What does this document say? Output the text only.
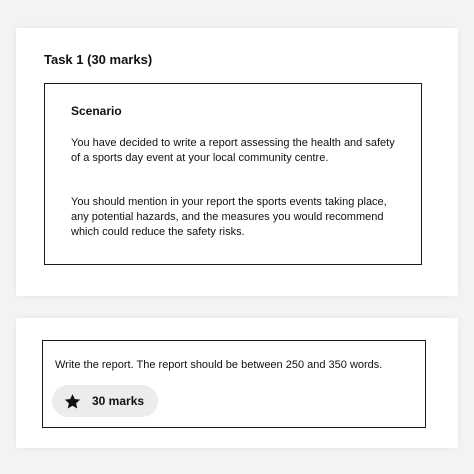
Task 1 (30 marks)
Scenario
You have decided to write a report assessing the health and safety of a sports day event at your local community centre.
You should mention in your report the sports events taking place, any potential hazards, and the measures you would recommend which could reduce the safety risks.
Write the report. The report should be between 250 and 350 words.
30 marks
